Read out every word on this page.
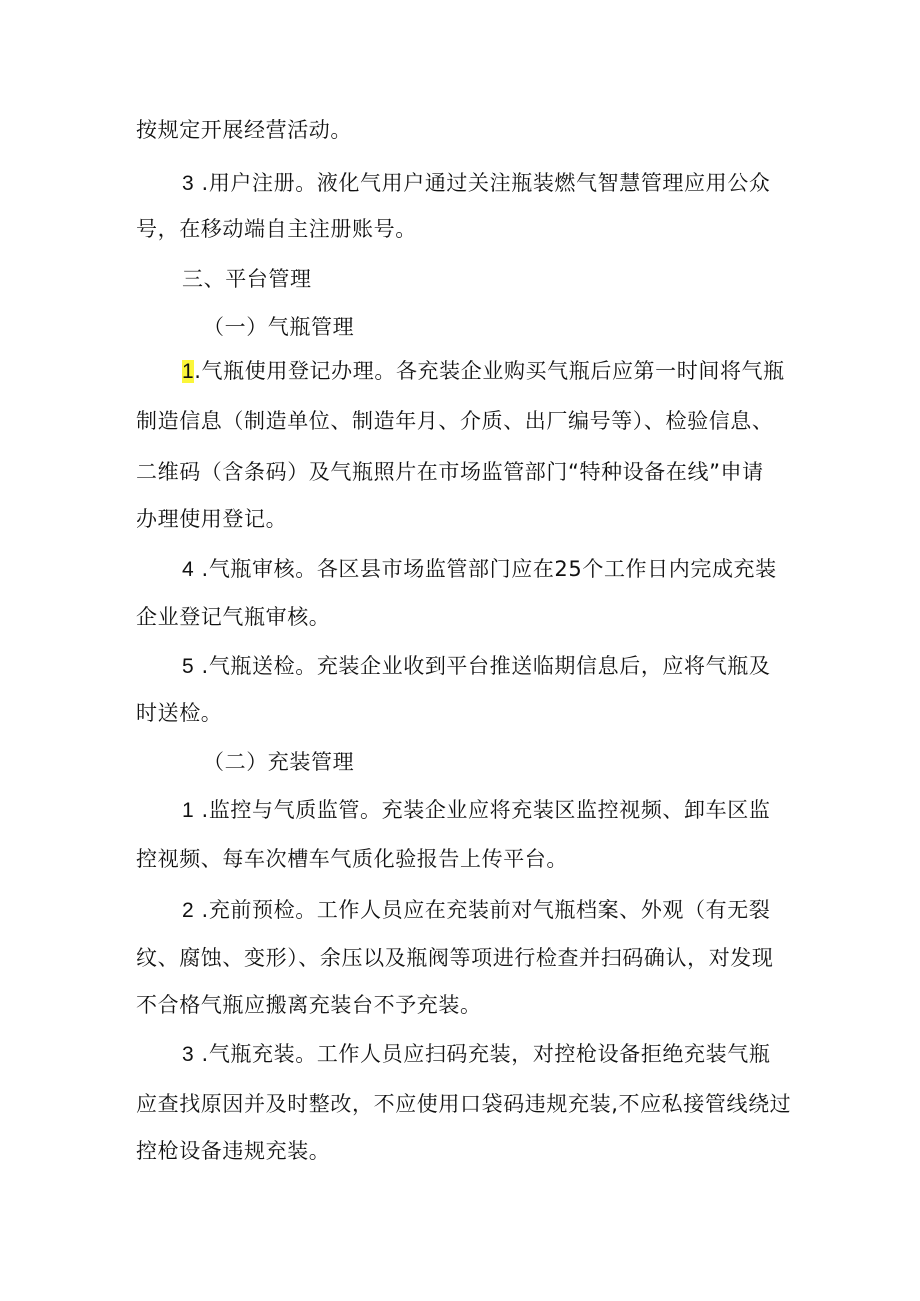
按规定开展经营活动。
3 .用户注册。液化气用户通过关注瓶装燃气智慧管理应用公众
号，在移动端自主注册账号。
三、平台管理
（一）气瓶管理
1.气瓶使用登记办理。各充装企业购买气瓶后应第一时间将气瓶
制造信息（制造单位、制造年月、介质、出厂编号等）、检验信息、
二维码（含条码）及气瓶照片在市场监管部门“特种设备在线”申请
办理使用登记。
4 .气瓶审核。各区县市场监管部门应在25个工作日内完成充装
企业登记气瓶审核。
5 .气瓶送检。充装企业收到平台推送临期信息后，应将气瓶及
时送检。
（二）充装管理
1 .监控与气质监管。充装企业应将充装区监控视频、卸车区监
控视频、每车次槽车气质化验报告上传平台。
2 .充前预检。工作人员应在充装前对气瓶档案、外观（有无裂
纹、腐蚀、变形）、余压以及瓶阀等项进行检查并扫码确认，对发现
不合格气瓶应搬离充装台不予充装。
3 .气瓶充装。工作人员应扫码充装，对控枪设备拒绝充装气瓶
应查找原因并及时整改，不应使用口袋码违规充装,不应私接管线绕过
控枪设备违规充装。
